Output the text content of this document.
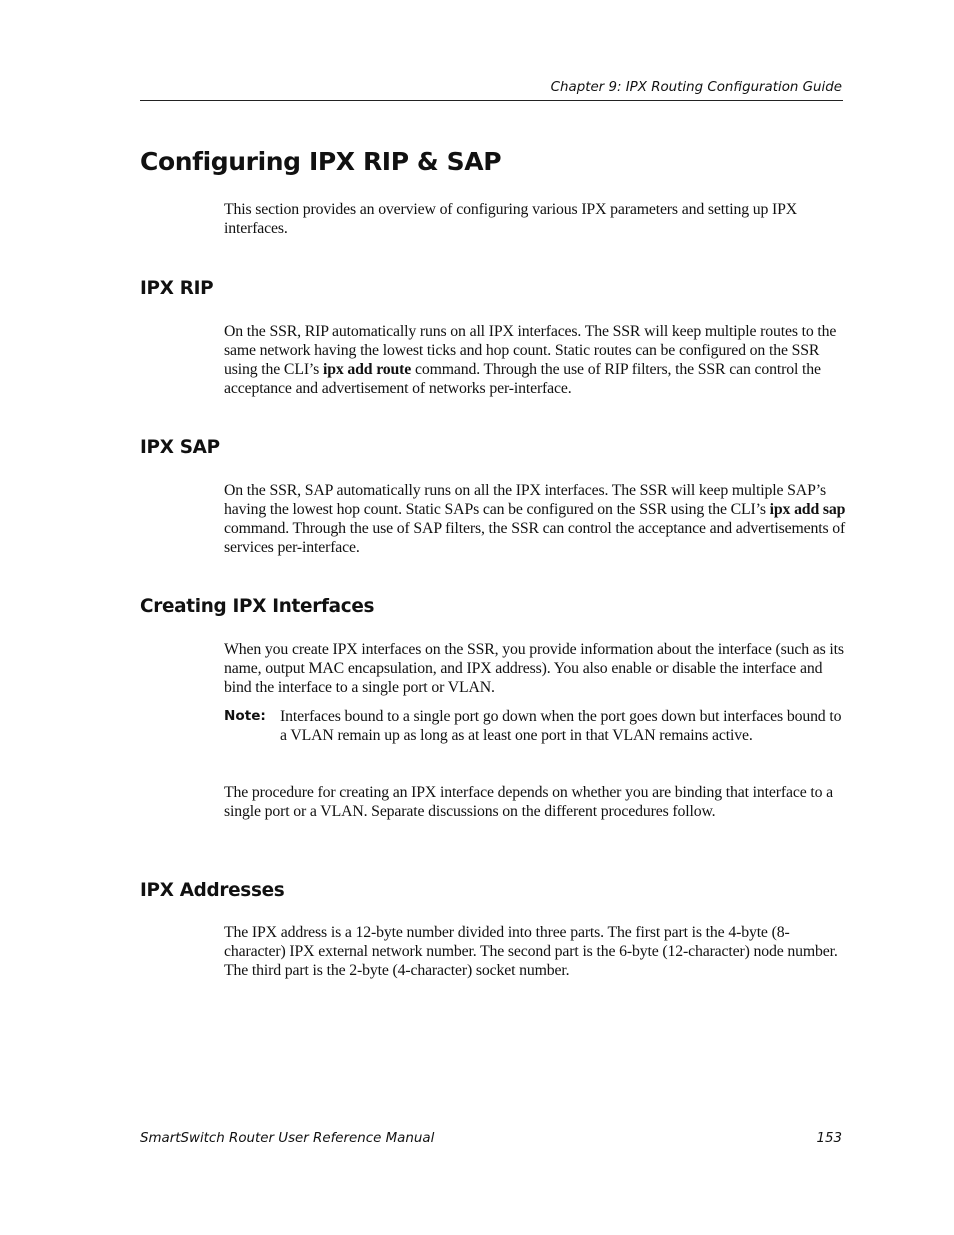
Chapter 9: IPX Routing Configuration Guide
Configuring IPX RIP & SAP

This section provides an overview of configuring various IPX parameters and setting up IPX interfaces.

IPX RIP

On the SSR, RIP automatically runs on all IPX interfaces. The SSR will keep multiple routes to the same network having the lowest ticks and hop count. Static routes can be configured on the SSR using the CLI’s ipx add route command. Through the use of RIP filters, the SSR can control the acceptance and advertisement of networks per-interface.

IPX SAP

On the SSR, SAP automatically runs on all the IPX interfaces. The SSR will keep multiple SAP’s having the lowest hop count. Static SAPs can be configured on the SSR using the CLI’s ipx add sap command. Through the use of SAP filters, the SSR can control the acceptance and advertisements of services per-interface.

Creating IPX Interfaces

When you create IPX interfaces on the SSR, you provide information about the interface (such as its name, output MAC encapsulation, and IPX address). You also enable or disable the interface and bind the interface to a single port or VLAN.

Note: Interfaces bound to a single port go down when the port goes down but interfaces bound to a VLAN remain up as long as at least one port in that VLAN remains active.

The procedure for creating an IPX interface depends on whether you are binding that interface to a single port or a VLAN. Separate discussions on the different procedures follow.

IPX Addresses

The IPX address is a 12-byte number divided into three parts. The first part is the 4-byte (8-character) IPX external network number. The second part is the 6-byte (12-character) node number. The third part is the 2-byte (4-character) socket number.

SmartSwitch Router User Reference Manual	153
